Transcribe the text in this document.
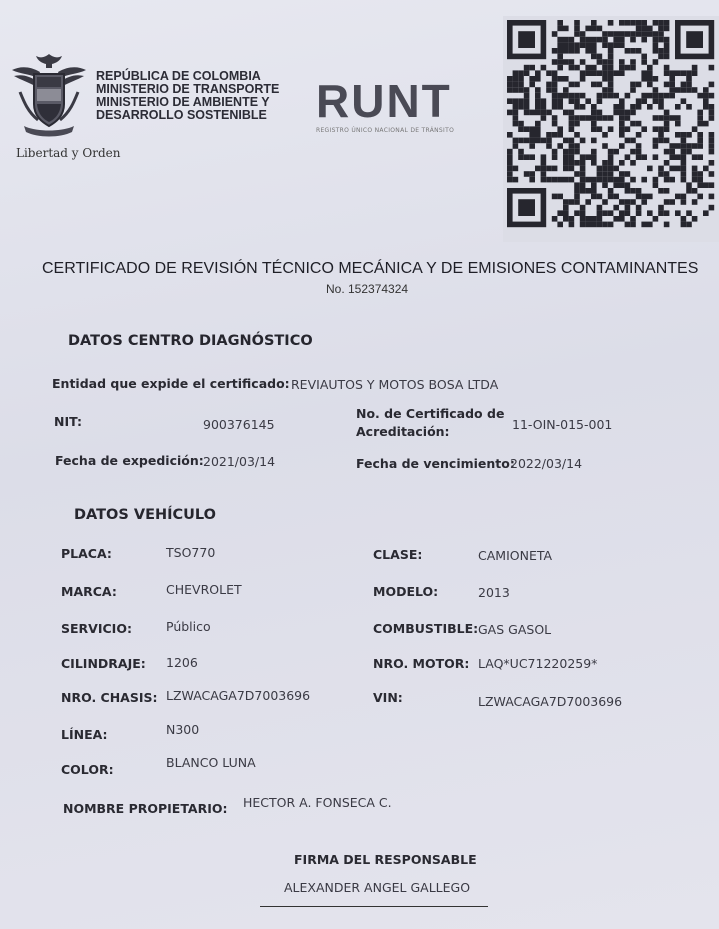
Libertad y Orden
REPÚBLICA DE COLOMBIA
MINISTERIO DE TRANSPORTE
MINISTERIO DE AMBIENTE Y
DESARROLLO SOSTENIBLE RUNT
REGISTRO ÚNICO NACIONAL DE TRÁNSITO
CERTIFICADO DE REVISIÓN TÉCNICO MECÁNICA Y DE EMISIONES CONTAMINANTES
No. 152374324
DATOS CENTRO DIAGNÓSTICO
Entidad que expide el certificado: REVIAUTOS Y MOTOS BOSA LTDA
NIT:	900376145
No. de Certificado de
Acreditación:	11-OIN-015-001
Fecha de expedición: 2021/03/14	Fecha de vencimiento:
2022/03/14
DATOS VEHÍCULO
PLACA:	TSO770	CLASE:	CAMIONETA
MARCA:	CHEVROLET	MODELO:	2013
SERVICIO:	Público	COMBUSTIBLE: GAS GASOL
CILINDRAJE: 1206	NRO. MOTOR: LAQ*UC71220259*
NRO. CHASIS: LZWACAGA7D7003696	VIN:	LZWACAGA7D7003696
LÍNEA:	N300
COLOR:	BLANCO LUNA
NOMBRE PROPIETARIO: HECTOR A. FONSECA C.
FIRMA DEL RESPONSABLE
ALEXANDER ANGEL GALLEGO
